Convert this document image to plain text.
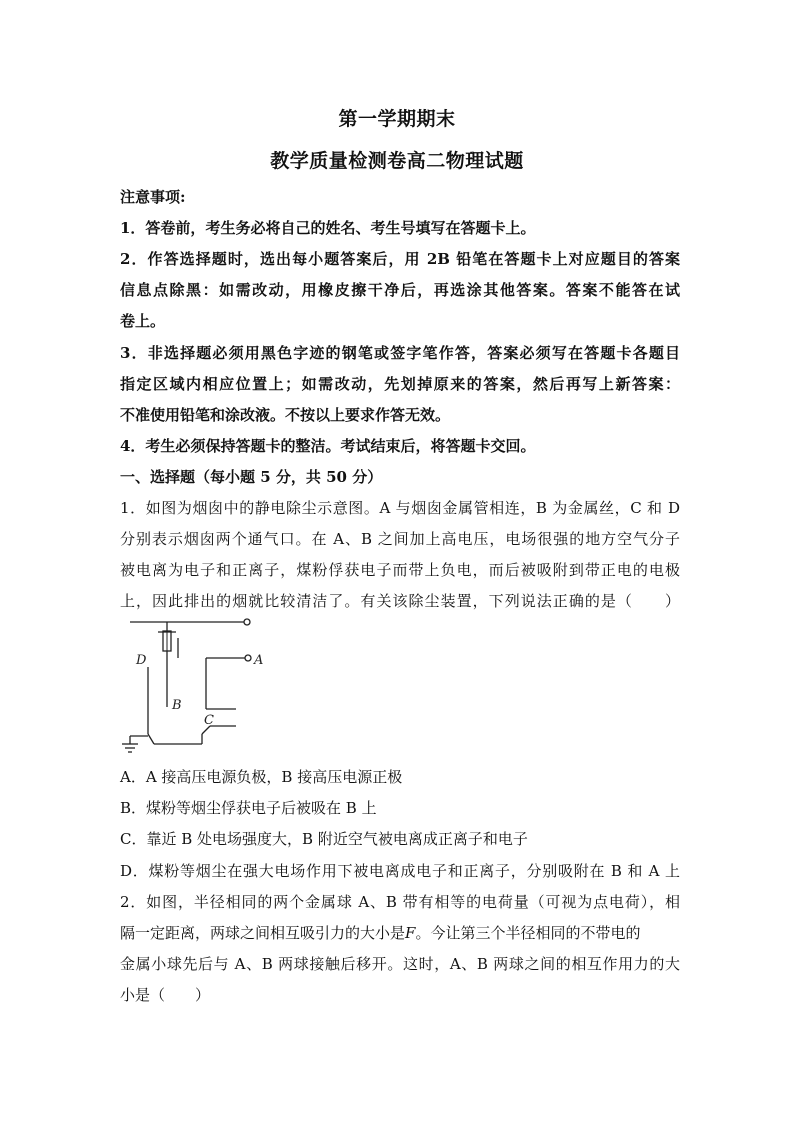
第一学期期末
教学质量检测卷高二物理试题
注意事项:
1．答卷前，考生务必将自己的姓名、考生号填写在答题卡上。
2．作答选择题时，选出每小题答案后，用 2B 铅笔在答题卡上对应题目的答案
信息点除黑：如需改动，用橡皮擦干净后，再选涂其他答案。答案不能答在试
卷上。
3．非选择题必须用黑色字迹的钢笔或签字笔作答，答案必须写在答题卡各题目
指定区域内相应位置上；如需改动，先划掉原来的答案，然后再写上新答案：
不准使用铅笔和涂改液。不按以上要求作答无效。
4．考生必须保持答题卡的整洁。考试结束后，将答题卡交回。
一、选择题（每小题 5 分，共 50 分）
1．如图为烟囱中的静电除尘示意图。A 与烟囱金属管相连，B 为金属丝，C 和 D
分别表示烟囱两个通气口。在 A、B 之间加上高电压，电场很强的地方空气分子
被电离为电子和正离子，煤粉俘获电子而带上负电，而后被吸附到带正电的电极
上，因此排出的烟就比较清洁了。有关该除尘装置，下列说法正确的是（　　）
D	A
B
C
A．A 接高压电源负极，B 接高压电源正极
B．煤粉等烟尘俘获电子后被吸在 B 上
C．靠近 B 处电场强度大，B 附近空气被电离成正离子和电子
D．煤粉等烟尘在强大电场作用下被电离成电子和正离子，分别吸附在 B 和 A 上
2．如图，半径相同的两个金属球 A、B 带有相等的电荷量（可视为点电荷），相
隔一定距离，两球之间相互吸引力的大小是F。今让第三个半径相同的不带电的
金属小球先后与 A、B 两球接触后移开。这时，A、B 两球之间的相互作用力的大
小是（　　）
